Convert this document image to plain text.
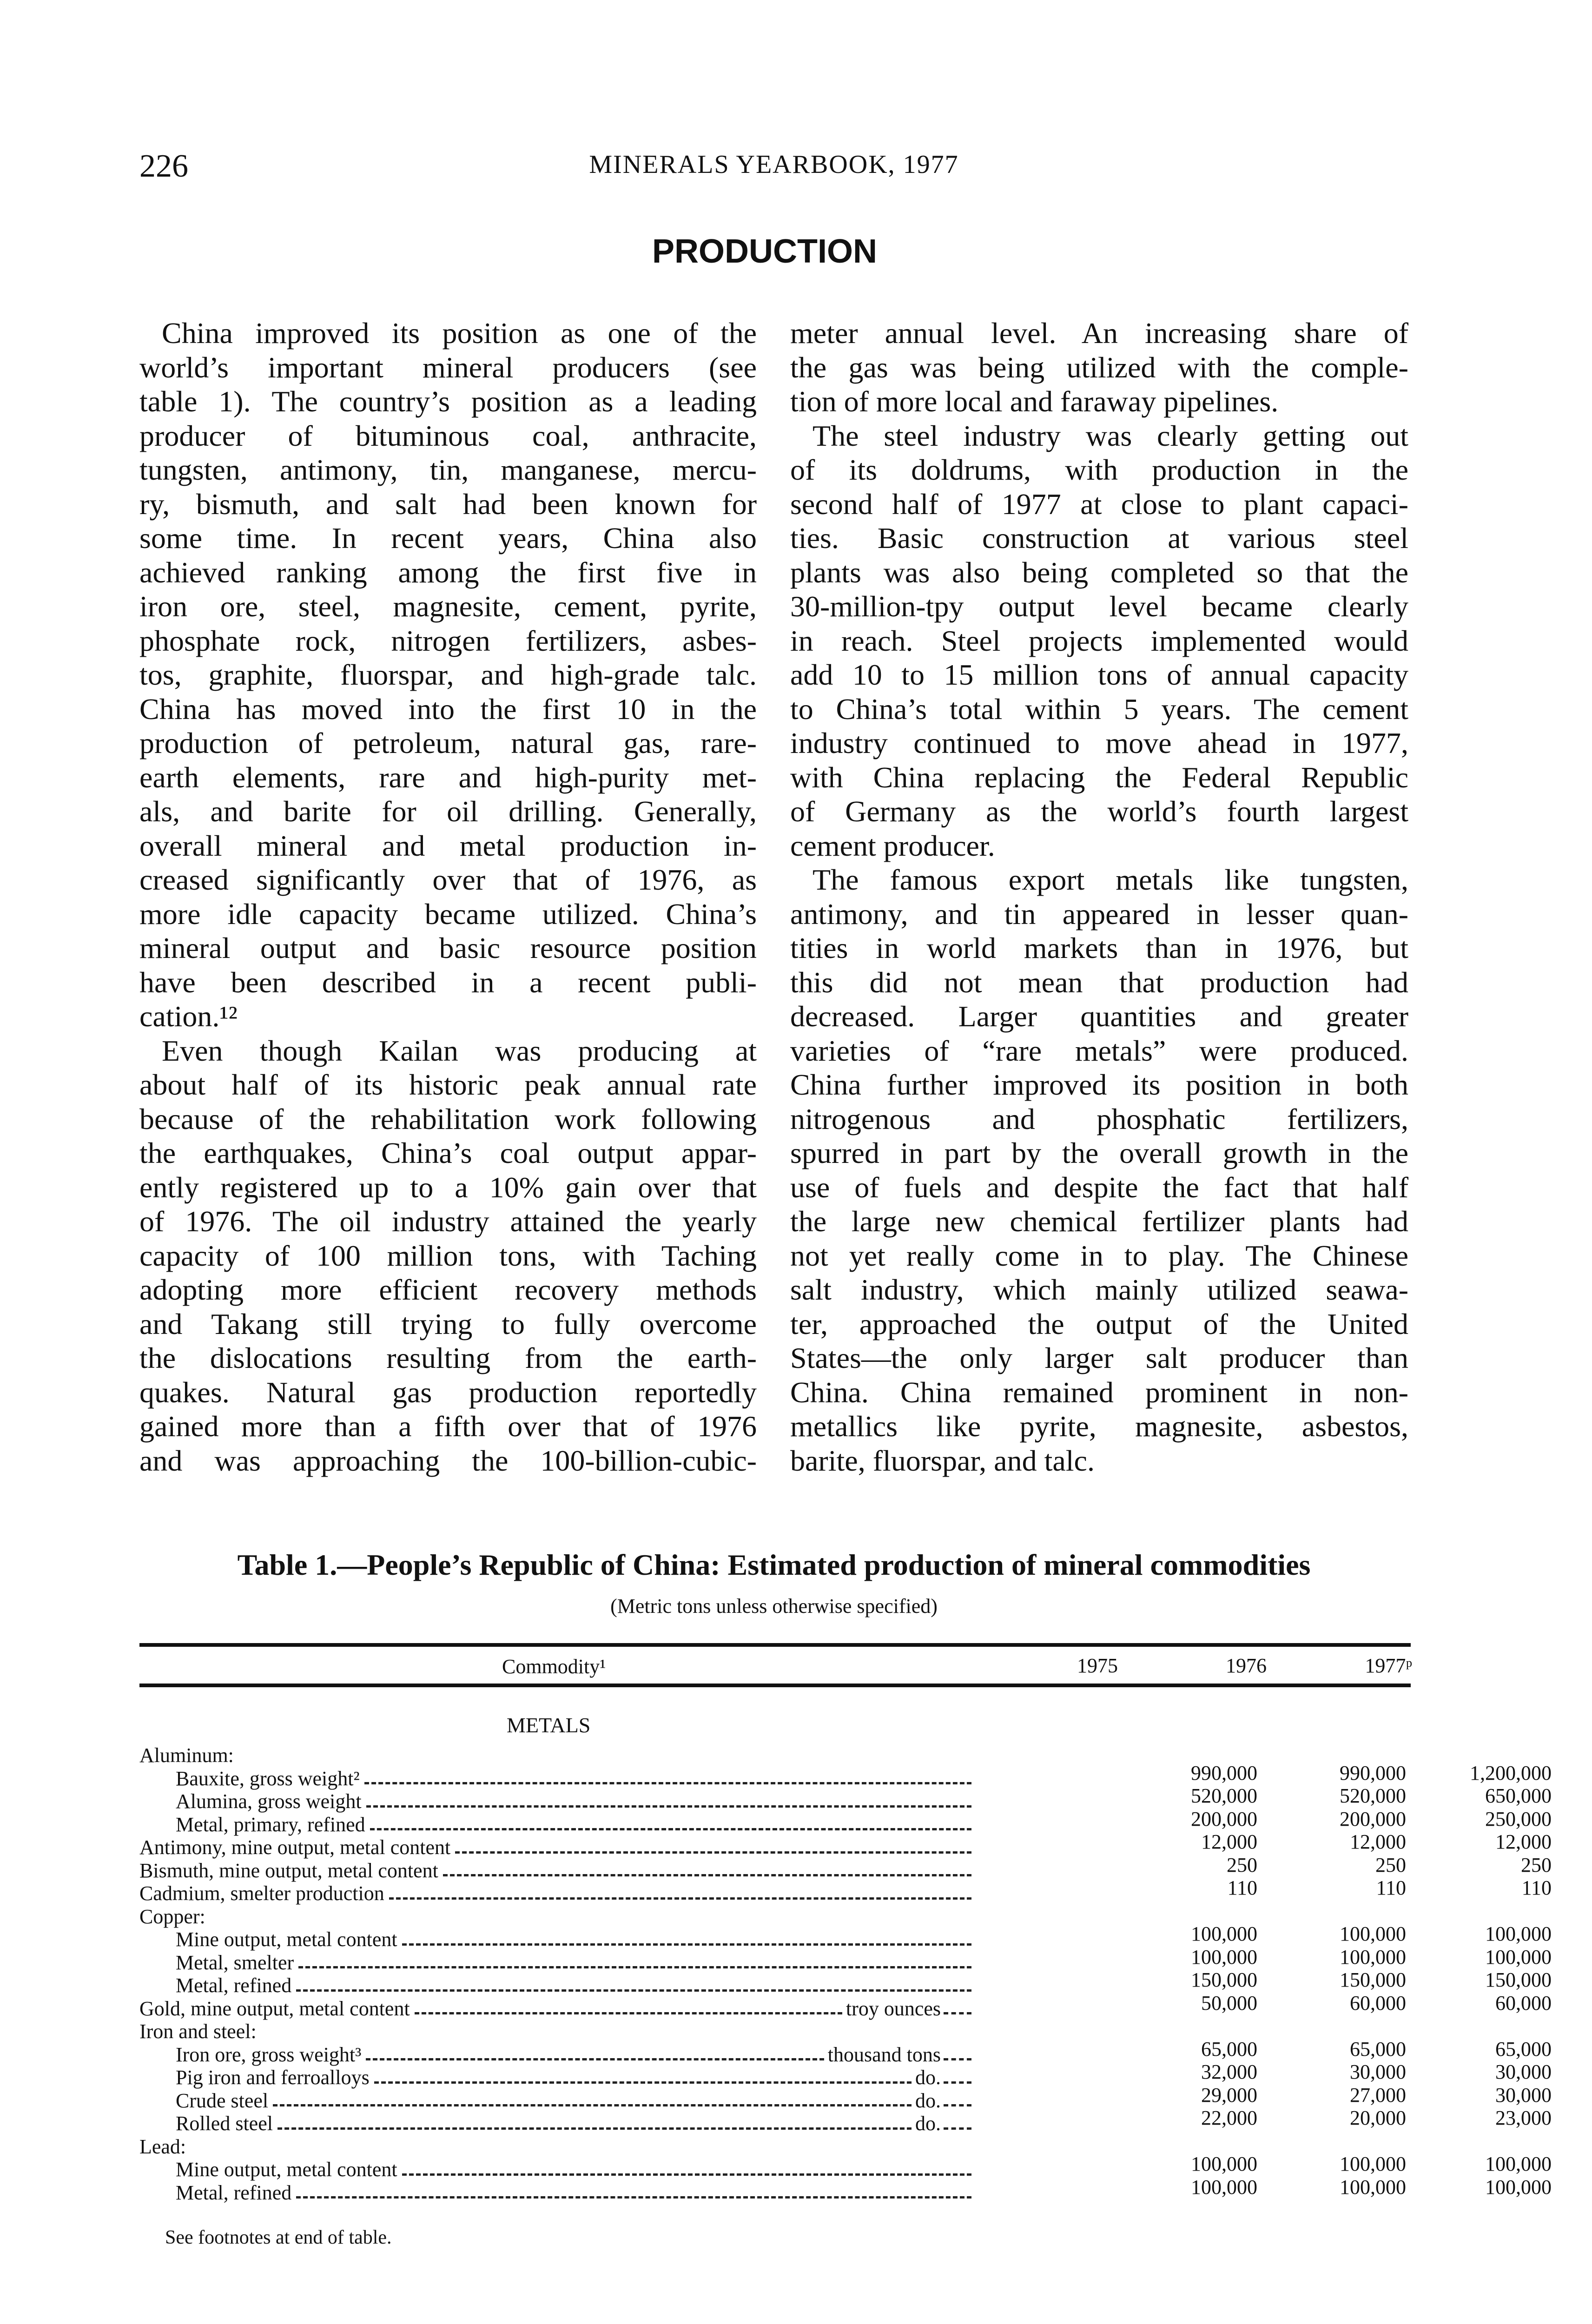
226	MINERALS YEARBOOK, 1977
PRODUCTION
China improved its position as one of the
world’s important mineral producers (see
table 1). The country’s position as a leading
producer of bituminous coal, anthracite,
tungsten, antimony, tin, manganese, mercu-
ry, bismuth, and salt had been known for
some time. In recent years, China also
achieved ranking among the first five in
iron ore, steel, magnesite, cement, pyrite,
phosphate rock, nitrogen fertilizers, asbes-
tos, graphite, fluorspar, and high-grade talc.
China has moved into the first 10 in the
production of petroleum, natural gas, rare-
earth elements, rare and high-purity met-
als, and barite for oil drilling. Generally,
overall mineral and metal production in-
creased significantly over that of 1976, as
more idle capacity became utilized. China’s
mineral output and basic resource position
have been described in a recent publi-
cation.¹²
Even though Kailan was producing at
about half of its historic peak annual rate
because of the rehabilitation work following
the earthquakes, China’s coal output appar-
ently registered up to a 10% gain over that
of 1976. The oil industry attained the yearly
capacity of 100 million tons, with Taching
adopting more efficient recovery methods
and Takang still trying to fully overcome
the dislocations resulting from the earth-
quakes. Natural gas production reportedly
gained more than a fifth over that of 1976
and was approaching the 100-billion-cubic-
meter annual level. An increasing share of
the gas was being utilized with the comple-
tion of more local and faraway pipelines.
The steel industry was clearly getting out
of its doldrums, with production in the
second half of 1977 at close to plant capaci-
ties. Basic construction at various steel
plants was also being completed so that the
30-million-tpy output level became clearly
in reach. Steel projects implemented would
add 10 to 15 million tons of annual capacity
to China’s total within 5 years. The cement
industry continued to move ahead in 1977,
with China replacing the Federal Republic
of Germany as the world’s fourth largest
cement producer.
The famous export metals like tungsten,
antimony, and tin appeared in lesser quan-
tities in world markets than in 1976, but
this did not mean that production had
decreased. Larger quantities and greater
varieties of “rare metals” were produced.
China further improved its position in both
nitrogenous and phosphatic fertilizers,
spurred in part by the overall growth in the
use of fuels and despite the fact that half
the large new chemical fertilizer plants had
not yet really come in to play. The Chinese
salt industry, which mainly utilized seawa-
ter, approached the output of the United
States—the only larger salt producer than
China. China remained prominent in non-
metallics like pyrite, magnesite, asbestos,
barite, fluorspar, and talc.
Table 1.—People’s Republic of China: Estimated production of mineral commodities
(Metric tons unless otherwise specified)
Commodity¹	1975	1976	1977ᵖ
METALS
Aluminum:
Bauxite, gross weight²	990,000	990,000	1,200,000
Alumina, gross weight	520,000	520,000	650,000
Metal, primary, refined	200,000	200,000	250,000
Antimony, mine output, metal content	12,000	12,000	12,000
Bismuth, mine output, metal content	250	250	250
Cadmium, smelter production	110	110	110
Copper:
Mine output, metal content	100,000	100,000	100,000
Metal, smelter	100,000	100,000	100,000
Metal, refined	150,000	150,000	150,000
Gold, mine output, metal content	troy ounces	50,000	60,000	60,000
Iron and steel:
Iron ore, gross weight³	thousand tons	65,000	65,000	65,000
Pig iron and ferroalloys	do.	32,000	30,000	30,000
Crude steel	do.	29,000	27,000	30,000
Rolled steel	do.	22,000	20,000	23,000
Lead:
Mine output, metal content	100,000	100,000	100,000
Metal, refined	100,000	100,000	100,000
See footnotes at end of table.
